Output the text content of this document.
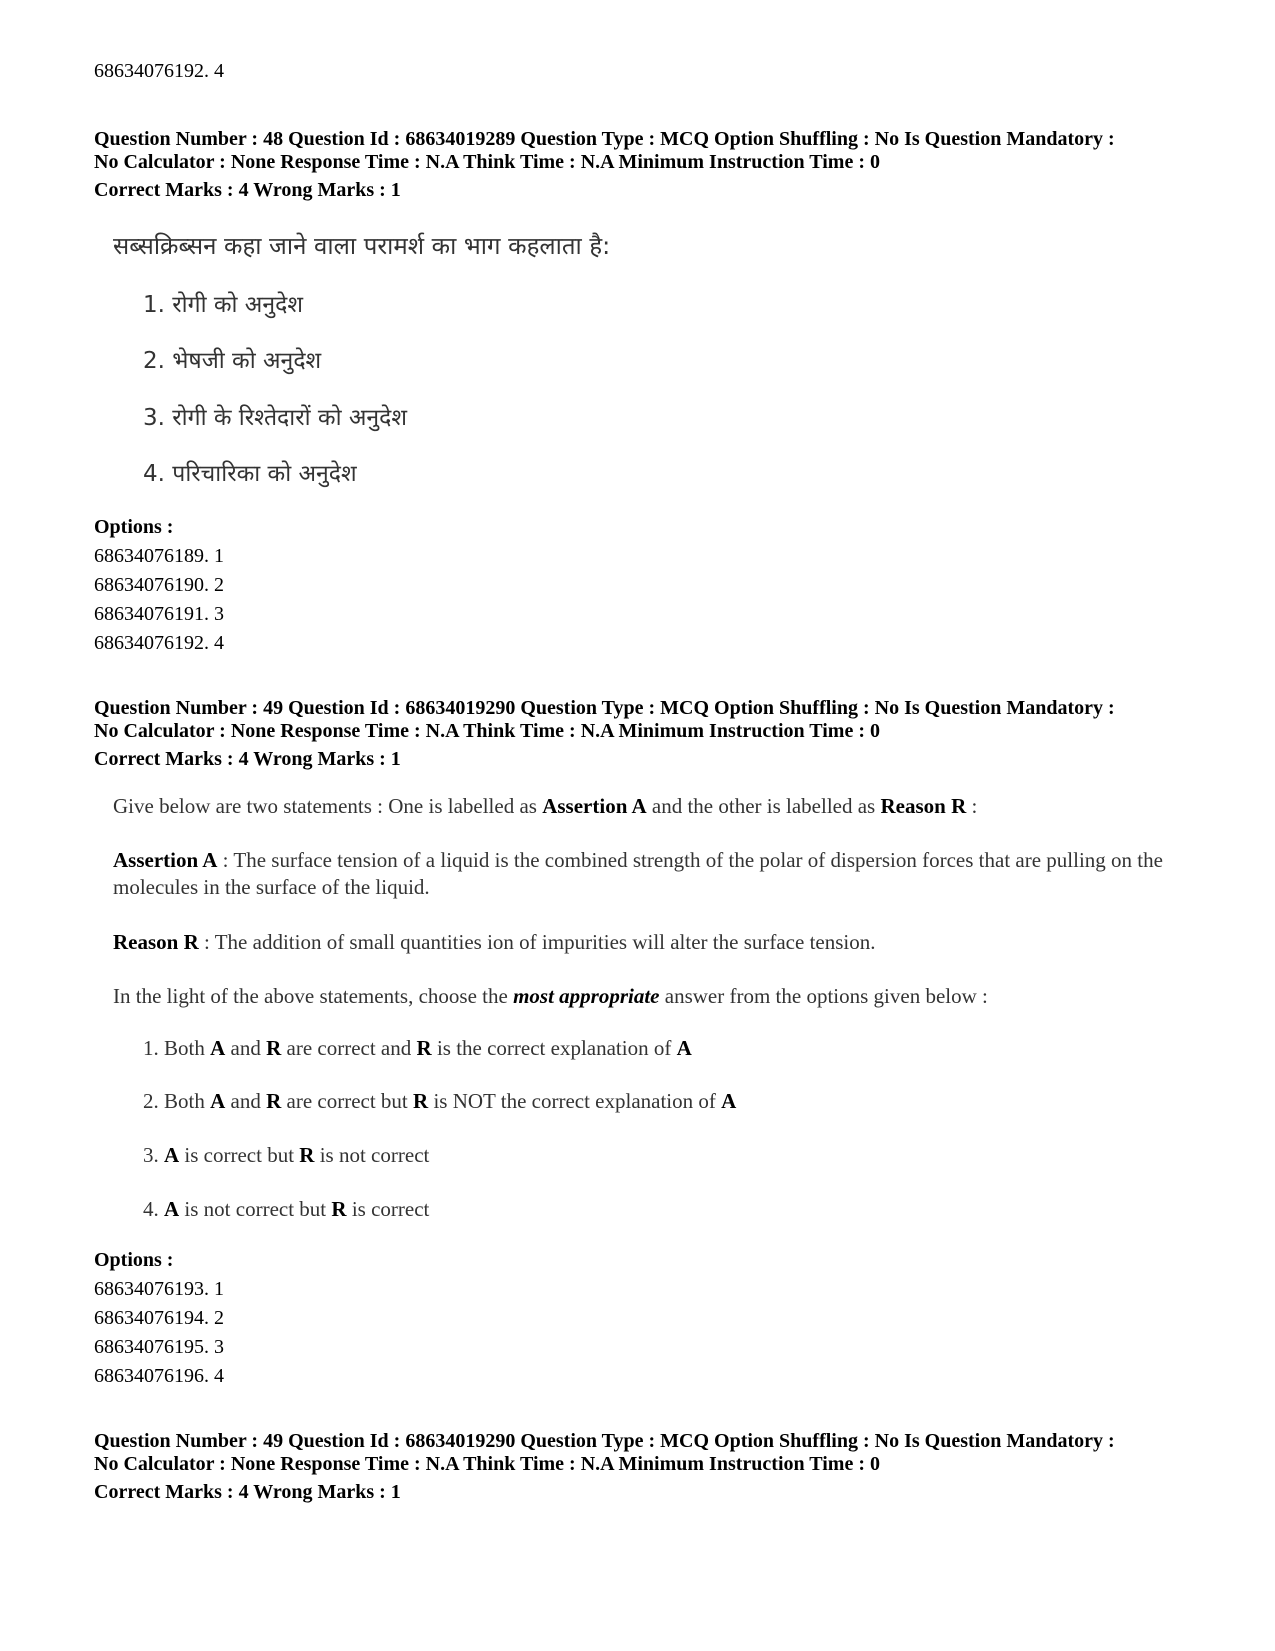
68634076192. 4
Question Number : 48 Question Id : 68634019289 Question Type : MCQ Option Shuffling : No Is Question Mandatory :
No Calculator : None Response Time : N.A Think Time : N.A Minimum Instruction Time : 0
Correct Marks : 4 Wrong Marks : 1
सब्सक्रिब्सन कहा जाने वाला परामर्श का भाग कहलाता है:
1. रोगी को अनुदेश
2. भेषजी को अनुदेश
3. रोगी के रिश्तेदारों को अनुदेश
4. परिचारिका को अनुदेश
Options :
68634076189. 1
68634076190. 2
68634076191. 3
68634076192. 4
Question Number : 49 Question Id : 68634019290 Question Type : MCQ Option Shuffling : No Is Question Mandatory :
No Calculator : None Response Time : N.A Think Time : N.A Minimum Instruction Time : 0
Correct Marks : 4 Wrong Marks : 1
Give below are two statements : One is labelled as Assertion A and the other is labelled as Reason R :
Assertion A : The surface tension of a liquid is the combined strength of the polar of dispersion forces that are pulling on the molecules in the surface of the liquid.
Reason R : The addition of small quantities ion of impurities will alter the surface tension.
In the light of the above statements, choose the most appropriate answer from the options given below :
1. Both A and R are correct and R is the correct explanation of A
2. Both A and R are correct but R is NOT the correct explanation of A
3. A is correct but R is not correct
4. A is not correct but R is correct
Options :
68634076193. 1
68634076194. 2
68634076195. 3
68634076196. 4
Question Number : 49 Question Id : 68634019290 Question Type : MCQ Option Shuffling : No Is Question Mandatory :
No Calculator : None Response Time : N.A Think Time : N.A Minimum Instruction Time : 0
Correct Marks : 4 Wrong Marks : 1
